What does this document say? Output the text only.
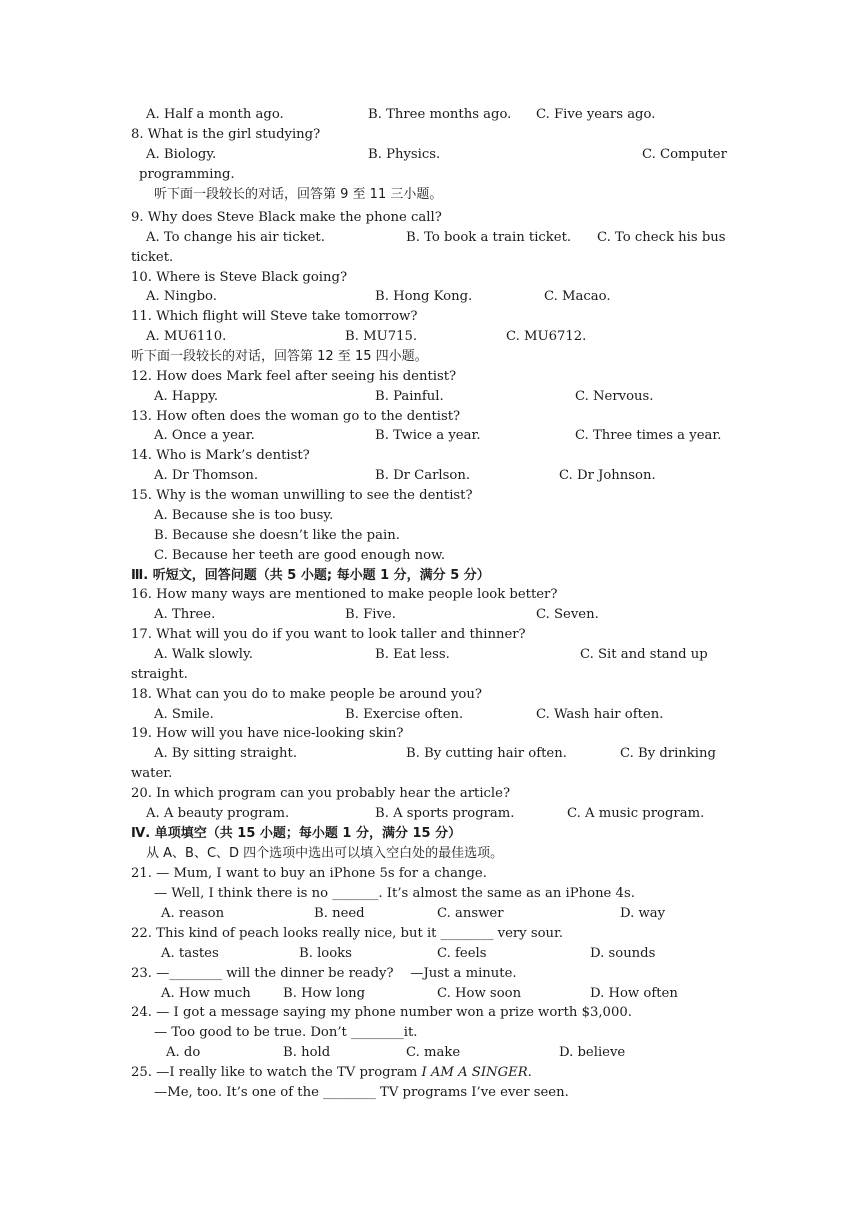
A. Half a month ago.

	B. Three months ago.

C. Five years ago.

8. What is the girl studying?

A. Biology.

	B. Physics.

	C. Computer

programming.

听下面一段较长的对话，回答第 9 至 11 三小题。

9. Why does Steve Black make the phone call?

A. To change his air ticket.

	B. To book a train ticket.

C. To check his bus

ticket.

10. Where is Steve Black going?

A. Ningbo.

	B. Hong Kong.

	C. Macao.

11. Which flight will Steve take tomorrow?

A. MU6110.

	B. MU715.

	C. MU6712.

听下面一段较长的对话，回答第 12 至 15 四小题。

12. How does Mark feel after seeing his dentist?

A. Happy.

	B. Painful.

	C. Nervous.

13. How often does the woman go to the dentist?

A. Once a year.

	B. Twice a year.

	C. Three times a year.

14. Who is Mark’s dentist?

A. Dr Thomson.

	B. Dr Carlson.

	C. Dr Johnson.

15. Why is the woman unwilling to see the dentist?

A. Because she is too busy.

B. Because she doesn’t like the pain.

C. Because her teeth are good enough now.

Ⅲ. 听短文，回答问题（共 5 小题; 每小题 1 分，满分 5 分）

16. How many ways are mentioned to make people look better?

A. Three.

	B. Five.

	C. Seven.

17. What will you do if you want to look taller and thinner?

A. Walk slowly.

	B. Eat less.

	C. Sit and stand up

straight.

18. What can you do to make people be around you?

A. Smile.

	B. Exercise often.

	C. Wash hair often.

19. How will you have nice-looking skin?

A. By sitting straight.

	B. By cutting hair often.

	C. By drinking

water.

20. In which program can you probably hear the article?

A. A beauty program.

	B. A sports program.

	C. A music program.

Ⅳ. 单项填空（共 15 小题；每小题 1 分，满分 15 分）

从 A、B、C、D 四个选项中选出可以填入空白处的最佳选项。

21. — Mum, I want to buy an iPhone 5s for a change.

— Well, I think there is no _______. It’s almost the same as an iPhone 4s.

A. reason

	B. need

	C. answer

	D. way

22. This kind of peach looks really nice, but it ________ very sour.

A. tastes

	B. looks

	C. feels

	D. sounds

23. —________ will the dinner be ready?    —Just a minute.

A. How much

B. How long

	C. How soon

	D. How often

24. — I got a message saying my phone number won a prize worth $3,000.

— Too good to be true. Don’t ________it.

A. do

	B. hold

	C. make

	D. believe

25. —I really like to watch the TV program I AM A SINGER.

—Me, too. It’s one of the ________ TV programs I’ve ever seen.
